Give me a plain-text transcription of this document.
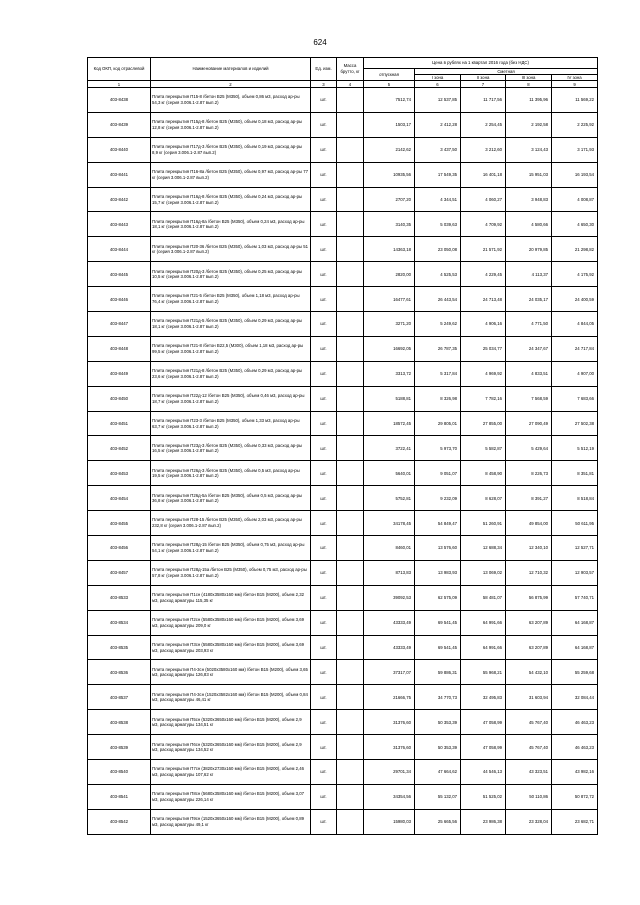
624
Код ОКП, код отраслевой	Наименование материалов и изделий	Ед. изм.	Масса брутто, кг	Цена в рублях на 1 квартал 2016 года (без НДС)				
				отпускная	Сметная			
					I зона	II зона	III зона	IV зона
1	2	3	4	5	6	7	8	9
403-8438	Плита перекрытия П15-8 /бетон В25 (М350), объем 0,86 м3, расход ар-ры 54,3 кг (серия 3.006.1-2.87 вып.2)	шт.		7512,74	12 537,85	11 717,56	11 395,96	11 569,22
403-8439	Плита перекрытия П15д-8 /бетон В25 (М350), объем 0,18 м3, расход ар-ры 12,8 кг (серия 3.006.1-2.87 вып.2)	шт.		1503,17	2 412,28	2 254,45	2 192,58	2 225,92
403-8440	Плита перекрытия П17д-3 /бетон В25 (М350), объем 0,19 м3, расход ар-ры 8,9 кг (серия 3.006.1-2.87 вып.2)	шт.		2142,62	3 437,50	3 212,60	3 124,43	3 171,93
403-8441	Плита перекрытия П16-8а /бетон В25 (М350), объем 0,97 м3, расход ар-ры 77 кг (серия 3.006.1-2.87 вып.2)	шт.		10935,56	17 549,35	16 401,18	15 951,03	16 193,54
403-8442	Плита перекрытия П16д-8 /бетон В25 (М350), объем 0,24 м3, расход ар-ры 15,7 кг (серия 3.006.1-2.87 вып.2)	шт.		2707,20	4 344,51	4 060,27	3 948,83	4 008,87
403-8443	Плита перекрытия П16д-8а /бетон В25 (М350), объем 0,24 м3, расход ар-ры 18,1 кг (серия 3.006.1-2.87 вып.2)	шт.		3140,35	5 039,63	4 709,92	4 580,66	4 650,30
403-8444	Плита перекрытия П20-36 /бетон В25 (М350), объем 1,03 м3, расход ар-ры 51 кг (серия 3.006.1-2.87 вып.2)	шт.		14363,18	23 050,08	21 571,92	20 979,85	21 298,82
403-8445	Плита перекрытия П20д-3 /бетон В25 (М350), объем 0,25 м3, расход ар-ры 10,5 кг (серия 3.006.1-2.87 вып.2)	шт.		2820,00	4 525,53	4 229,45	4 113,37	4 175,92
403-8446	Плита перекрытия П21-5 /бетон В25 (М350), объем 1,18 м3, расход ар-ры 76,4 кг (серия 3.006.1-2.87 вып.2)	шт.		16477,61	26 443,54	24 713,48	24 035,17	24 400,59
403-8447	Плита перекрытия П21д-5 /бетон В25 (М350), объем 0,29 м3, расход ар-ры 18,1 кг (серия 3.006.1-2.87 вып.2)	шт.		3271,20	5 249,62	4 906,16	4 771,50	4 844,05
403-8448	Плита перекрытия П21-8 /бетон В22,5 (М300), объем 1,18 м3, расход ар-ры 99,5 кг (серия 3.006.1-2.87 вып.2)	шт.		16692,05	26 787,35	25 034,77	24 347,67	24 717,84
403-8449	Плита перекрытия П21д-8 /бетон В25 (М350), объем 0,29 м3, расход ар-ры 23,6 кг (серия 3.006.1-2.87 вып.2)	шт.		3313,72	5 317,84	4 969,92	4 833,51	4 907,00
403-8450	Плита перекрытия П22д-12 /бетон В25 (М350), объем 0,46 м3, расход ар-ры 18,7 кг (серия 3.006.1-2.87 вып.2)	шт.		5188,81	8 326,98	7 782,16	7 568,59	7 683,66
403-8451	Плита перекрытия П23-3 /бетон В25 (М350), объем 1,33 м3, расход ар-ры 63,7 кг (серия 3.006.1-2.87 вып.2)	шт.		18572,45	29 805,01	27 855,00	27 090,49	27 502,38
403-8452	Плита перекрытия П23д-3 /бетон В25 (М350), объем 0,33 м3, расход ар-ры 16,5 кг (серия 3.006.1-2.87 вып.2)	шт.		3722,41	5 973,70	5 582,87	5 429,64	5 512,19
403-8453	Плита перекрытия П26д-3 /бетон В25 (М350), объем 0,5 м3, расход ар-ры 19,5 кг (серия 3.006.1-2.87 вып.2)	шт.		5640,01	9 051,07	8 458,90	8 226,73	8 351,81
403-8454	Плита перекрытия П26д-5а /бетон В25 (М350), объем 0,5 м3, расход ар-ры 36,8 кг (серия 3.006.1-2.87 вып.2)	шт.		5752,81	9 232,09	8 628,07	8 391,27	8 518,84
403-8455	Плита перекрытия П28-15 /бетон В25 (М350), объем 2,03 м3, расход ар-ры 232,8 кг (серия 3.006.1-2.87 вып.2)	шт.		34178,45	54 849,47	51 260,91	49 854,00	50 611,95
403-8456	Плита перекрытия П28д-15 /бетон В25 (М350), объем 0,75 м3, расход ар-ры 54,1 кг (серия 3.006.1-2.87 вып.2)	шт.		8460,01	13 576,60	12 688,34	12 340,10	12 527,71
403-8457	Плита перекрытия П28д-15а /бетон В25 (М350), объем 0,75 м3, расход ар-ры 57,8 кг (серия 3.006.1-2.87 вып.2)	шт.		8713,83	13 983,93	13 069,02	12 710,32	12 903,57
403-8533	Плита перекрытия П1сн (4180х3580х160 мм) /бетон В15 (М200), объем 2,32 м3, расход арматуры 115,35 кг	шт.		39092,53	62 575,09	58 481,07	56 875,99	57 740,71
403-8534	Плита перекрытия П2сн (5580х3580х160 мм) /бетон В15 (М200), объем 3,69 м3, расход арматуры 209,0 кг	шт.		43333,49	69 541,45	64 991,66	63 207,89	64 168,87
403-8535	Плита перекрытия П3сн (5580х3580х160 мм) /бетон В15 (М200), объем 3,69 м3, расход арматуры 203,93 кг	шт.		43333,49	69 541,45	64 991,66	63 207,89	64 168,87
403-8536	Плита перекрытия П4-3сн (5020х3580х160 мм) /бетон В15 (М200), объем 3,65 м3, расход арматуры 126,83 кг	шт.		37317,07	59 886,31	55 968,21	54 432,10	55 259,68
403-8537	Плита перекрытия П4-3сн (1520х3582х160 мм) /бетон В15 (М200), объем 0,84 м3, расход арматуры 46,41 кг	шт.		21666,75	34 770,73	32 495,83	31 603,94	32 084,44
403-8538	Плита перекрытия П5сн (5320х3650х160 мм) /бетон В15 (М200), объем 2,9 м3, расход арматуры 134,51 кг	шт.		31376,60	50 353,39	47 058,99	45 767,40	46 463,23
403-8539	Плита перекрытия П6сн (5320х3650х160 мм) /бетон В15 (М200), объем 2,9 м3, расход арматуры 134,52 кг	шт.		31376,60	50 353,39	47 058,99	45 767,40	46 463,23
403-8540	Плита перекрытия П7сн (3820х2730х160 мм) /бетон В15 (М200), объем 2,46 м3, расход арматуры 107,62 кг	шт.		29701,34	47 664,62	44 546,13	43 323,51	43 982,16
403-8541	Плита перекрытия П8сн (5680х3580х160 мм) /бетон В15 (М200), объем 3,07 м3, расход арматуры 226,14 кг	шт.		34354,56	55 132,07	51 525,02	50 110,86	50 872,72
403-8542	Плита перекрытия П9сн (1520х3650х160 мм) /бетон В15 (М200), объем 0,89 м3, расход арматуры 49,1 кг	шт.		15980,03	25 665,56	23 986,38	23 328,04	23 682,71
